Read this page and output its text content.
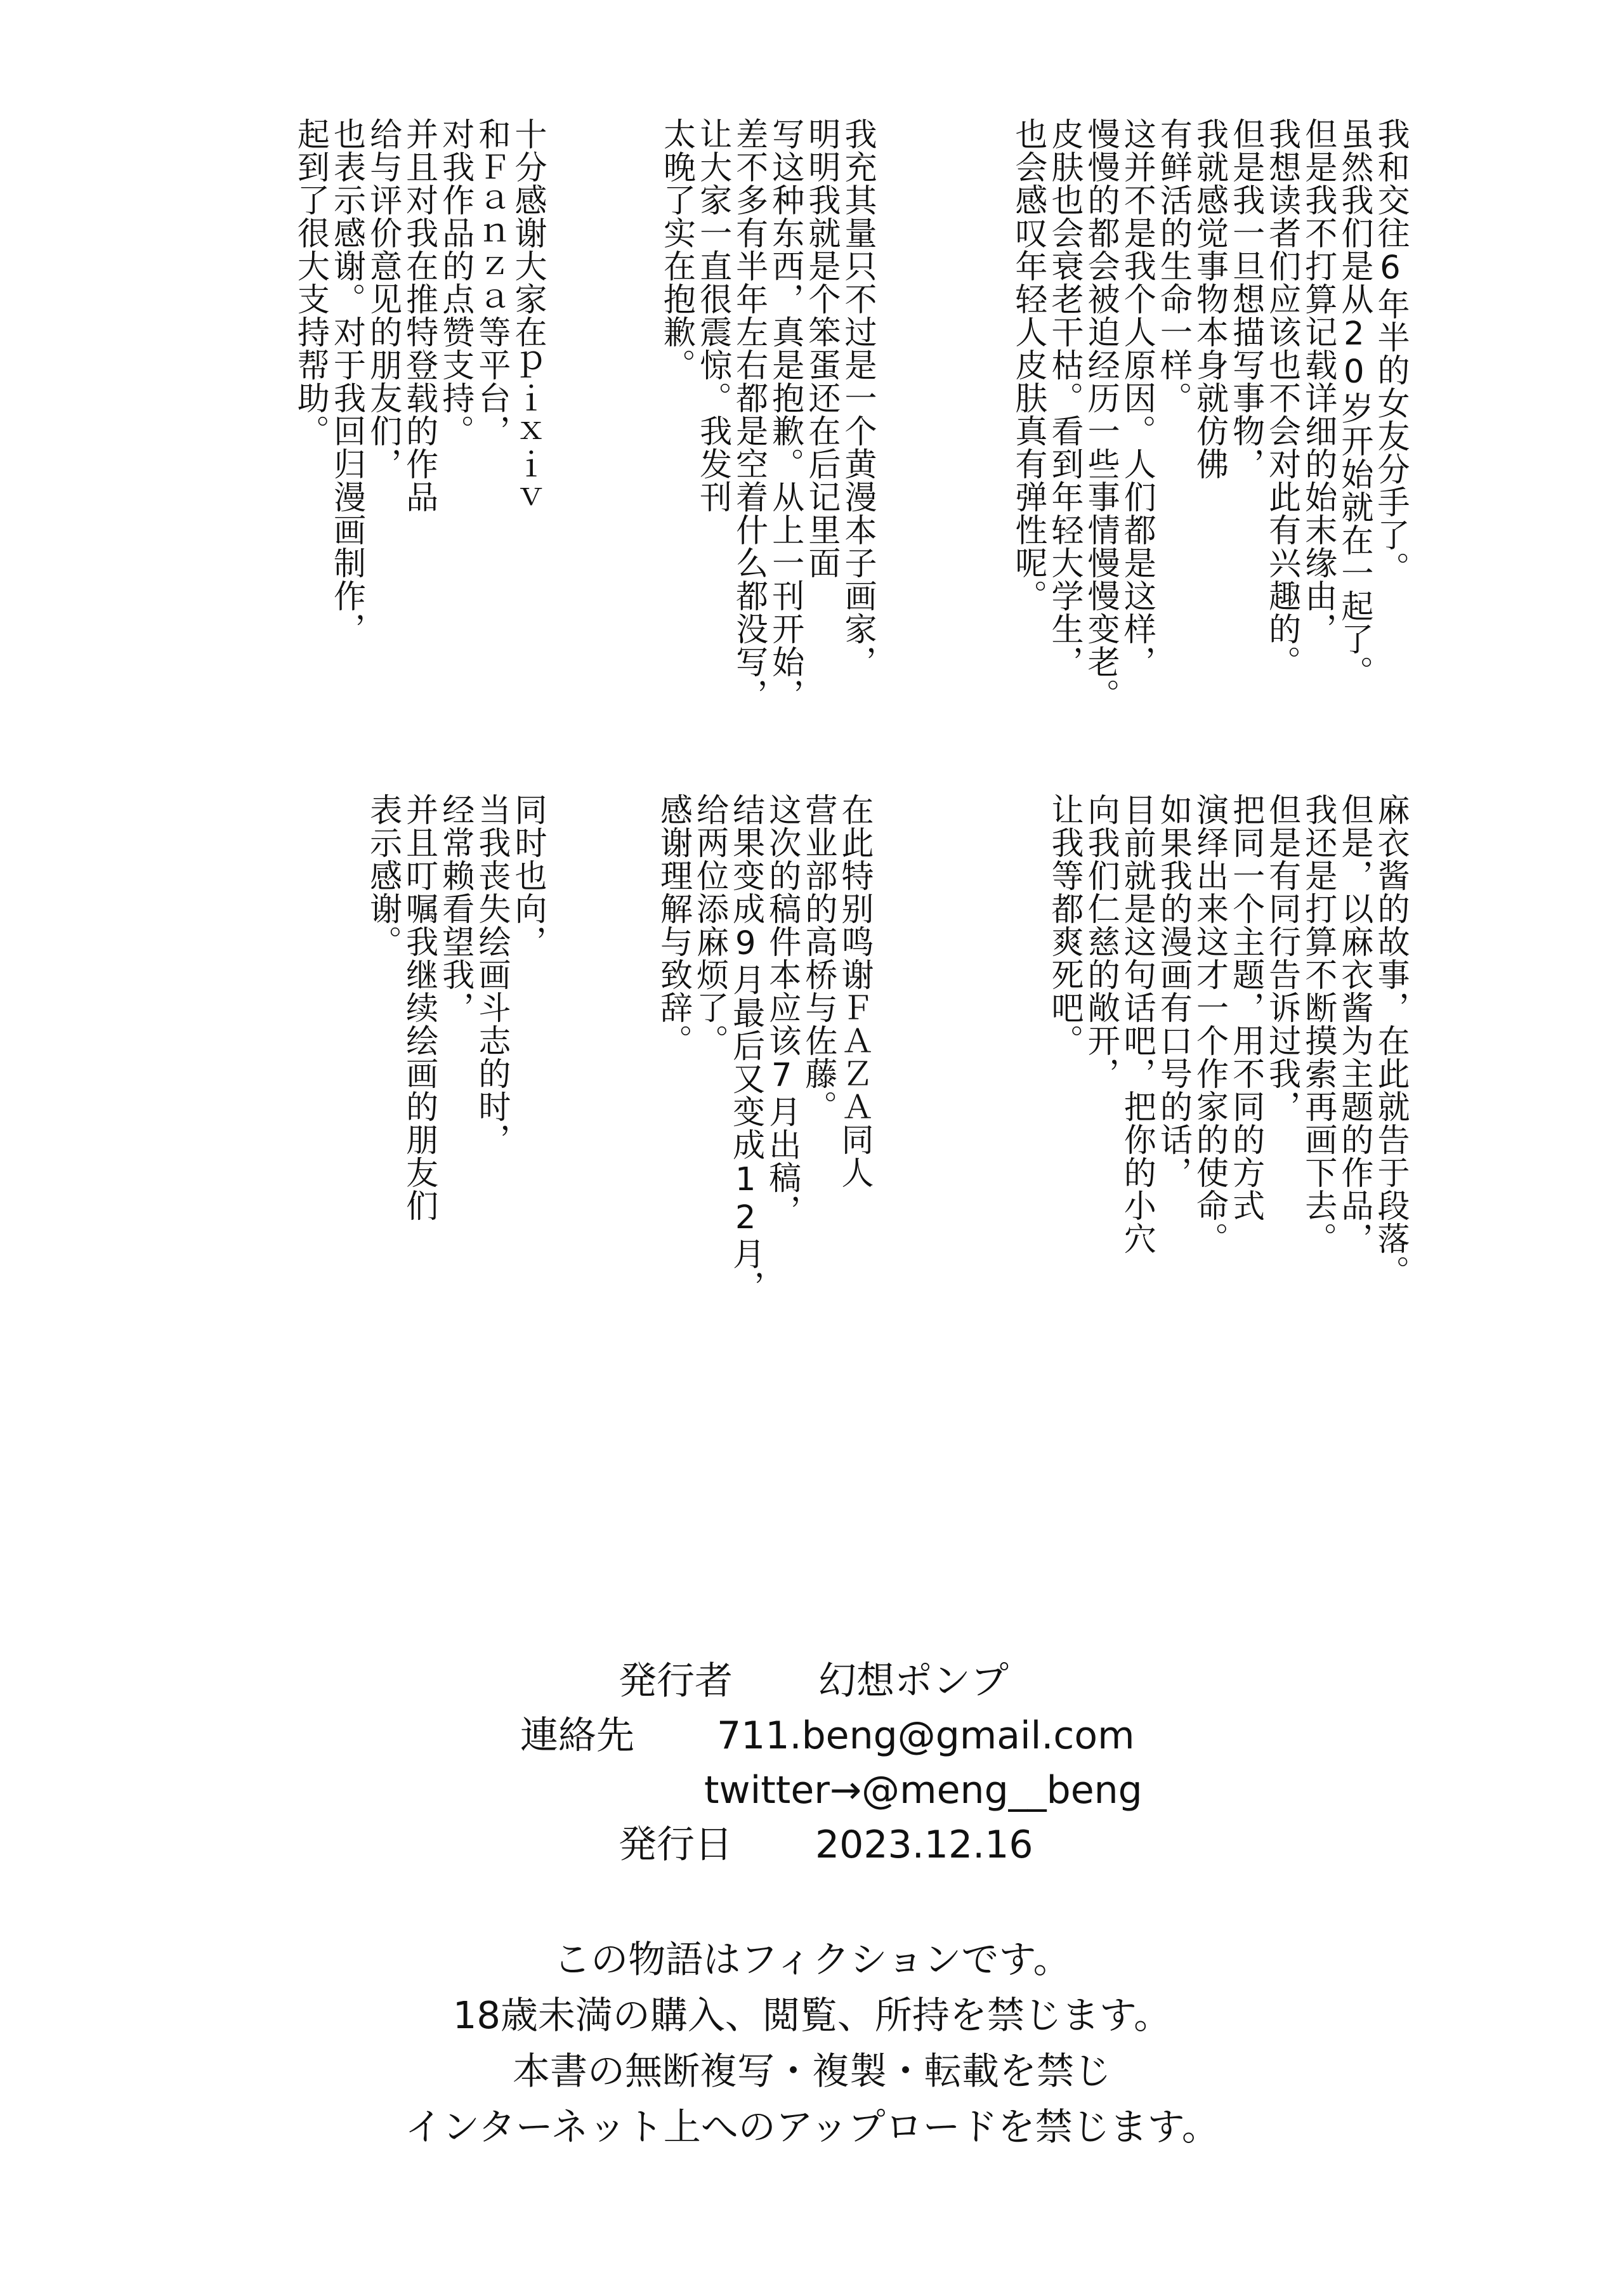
我和交往6年半的女友分手了。
虽然我们是从20岁开始就在一起了。
但是我不打算记载详细的始末缘由，
我想读者们应该也不会对此有兴趣的。
但是我一旦想描写事物，
我就感觉事物本身就仿佛
有鲜活的生命一样。
这并不是我个人原因。人们都是这样，
慢慢的都会被迫经历一些事情慢慢变老。
皮肤也会衰老干枯。看到年轻大学生，
也会感叹年轻人皮肤真有弹性呢。
我充其量只不过是一个黄漫本子画家，
明明我就是个笨蛋还在后记里面
写这种东西，真是抱歉。从上一刊开始，
差不多有半年左右都是空着什么都没写，
让大家一直很震惊。我发刊
太晚了实在抱歉。
十分感谢大家在ｐｉｘｉｖ
和Ｆａｎｚａ等平台，
对我作品的点赞支持。
并且对我在推特登载的作品
给与评价意见的朋友们，
也表示感谢。对于我回归漫画制作，
起到了很大支持帮助。
麻衣酱的故事，在此就告于段落。
但是，以麻衣酱为主题的作品，
我还是打算不断摸索再画下去。
但是有同行告诉过我，
把同一个主题，用不同的方式
演绎出来这才一个作家的使命。
如果我的漫画有口号的话，
目前就是这句话吧，把你的小穴
向我们仁慈的敞开，
让我等都爽死吧。
在此特别鸣谢ＦＡＺＡ同人
营业部的高桥与佐藤。
这次的稿件本应该7月出稿，
结果变成9月最后又变成12月，
给两位添麻烦了。
感谢理解与致辞。
同时也向，
当我丧失绘画斗志的时，
经常赖看望我，
并且叮嘱我继续绘画的朋友们
表示感谢。
発行者 幻想ポンプ
連絡先 711.beng@gmail.com
twitter→@meng__beng
発行日 2023.12.16
この物語はフィクションです。
18歳未満の購入、閲覧、所持を禁じます。
本書の無断複写・複製・転載を禁じ
インターネット上へのアップロードを禁じます。
